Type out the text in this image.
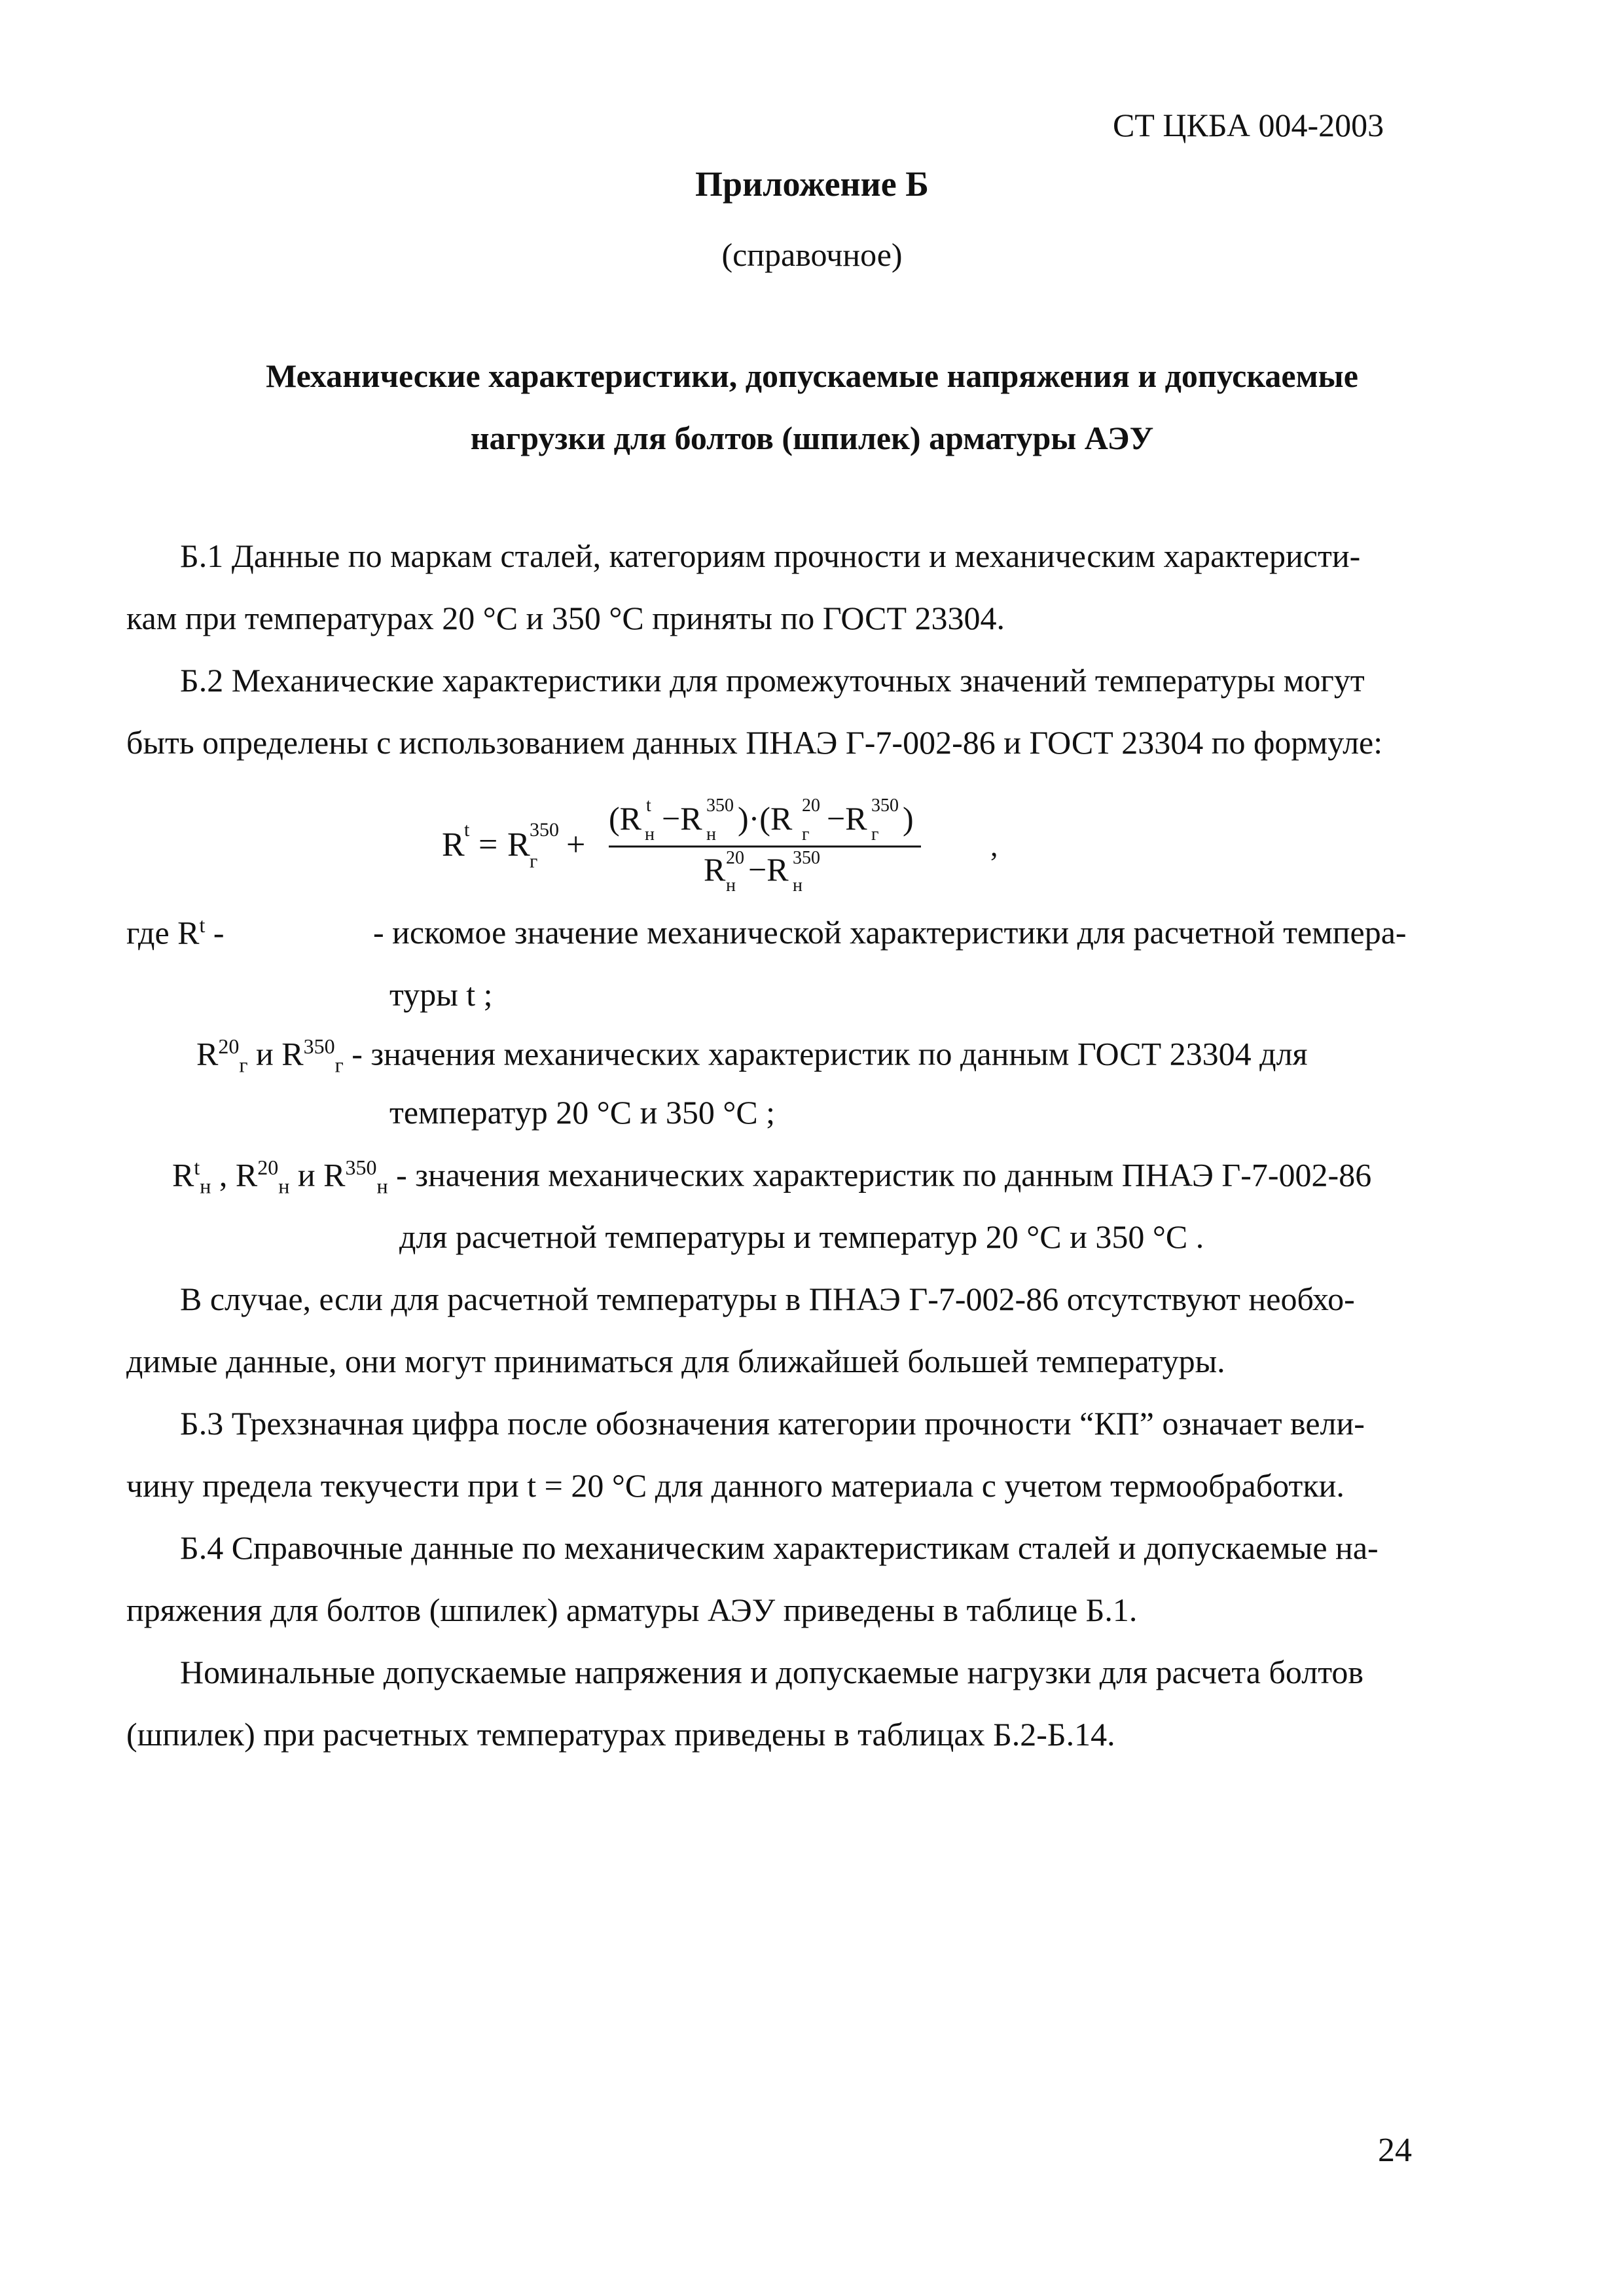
СТ ЦКБА 004-2003
Приложение Б
(справочное)
Механические характеристики, допускаемые напряжения и допускаемые
нагрузки для болтов (шпилек) арматуры АЭУ
Б.1 Данные по маркам сталей, категориям прочности и механическим характеристи-
кам при температурах 20 °С и 350 °С приняты по ГОСТ 23304.
Б.2 Механические характеристики для промежуточных значений температуры могут
быть определены с использованием данных ПНАЭ Г-7-002-86 и ГОСТ 23304 по формуле:
R t = R г
350 +
(R н
t −R н
350 )·(R г
20 −R г
350 )
R н
20 −R н
350	,
где $R^t$ -	- искомое значение механической характеристики для расчетной темпера-
туры t ;
$R^{20}_г$ и $R^{350}_г$ - значения механических характеристик по данным ГОСТ 23304 для
температур 20 °С и 350 °С ;
$R^t_н$ , $R^{20}_н$ и $R^{350}_н$ - значения механических характеристик по данным ПНАЭ Г-7-002-86
для расчетной температуры и температур 20 °С и 350 °С .
В случае, если для расчетной температуры в ПНАЭ Г-7-002-86 отсутствуют необхо-
димые данные, они могут приниматься для ближайшей большей температуры.
Б.3 Трехзначная цифра после обозначения категории прочности “КП” означает вели-
чину предела текучести при t = 20 °С для данного материала с учетом термообработки.
Б.4 Справочные данные по механическим характеристикам сталей и допускаемые на-
пряжения для болтов (шпилек) арматуры АЭУ приведены в таблице Б.1.
Номинальные допускаемые напряжения и допускаемые нагрузки для расчета болтов
(шпилек) при расчетных температурах приведены в таблицах Б.2-Б.14.
24
